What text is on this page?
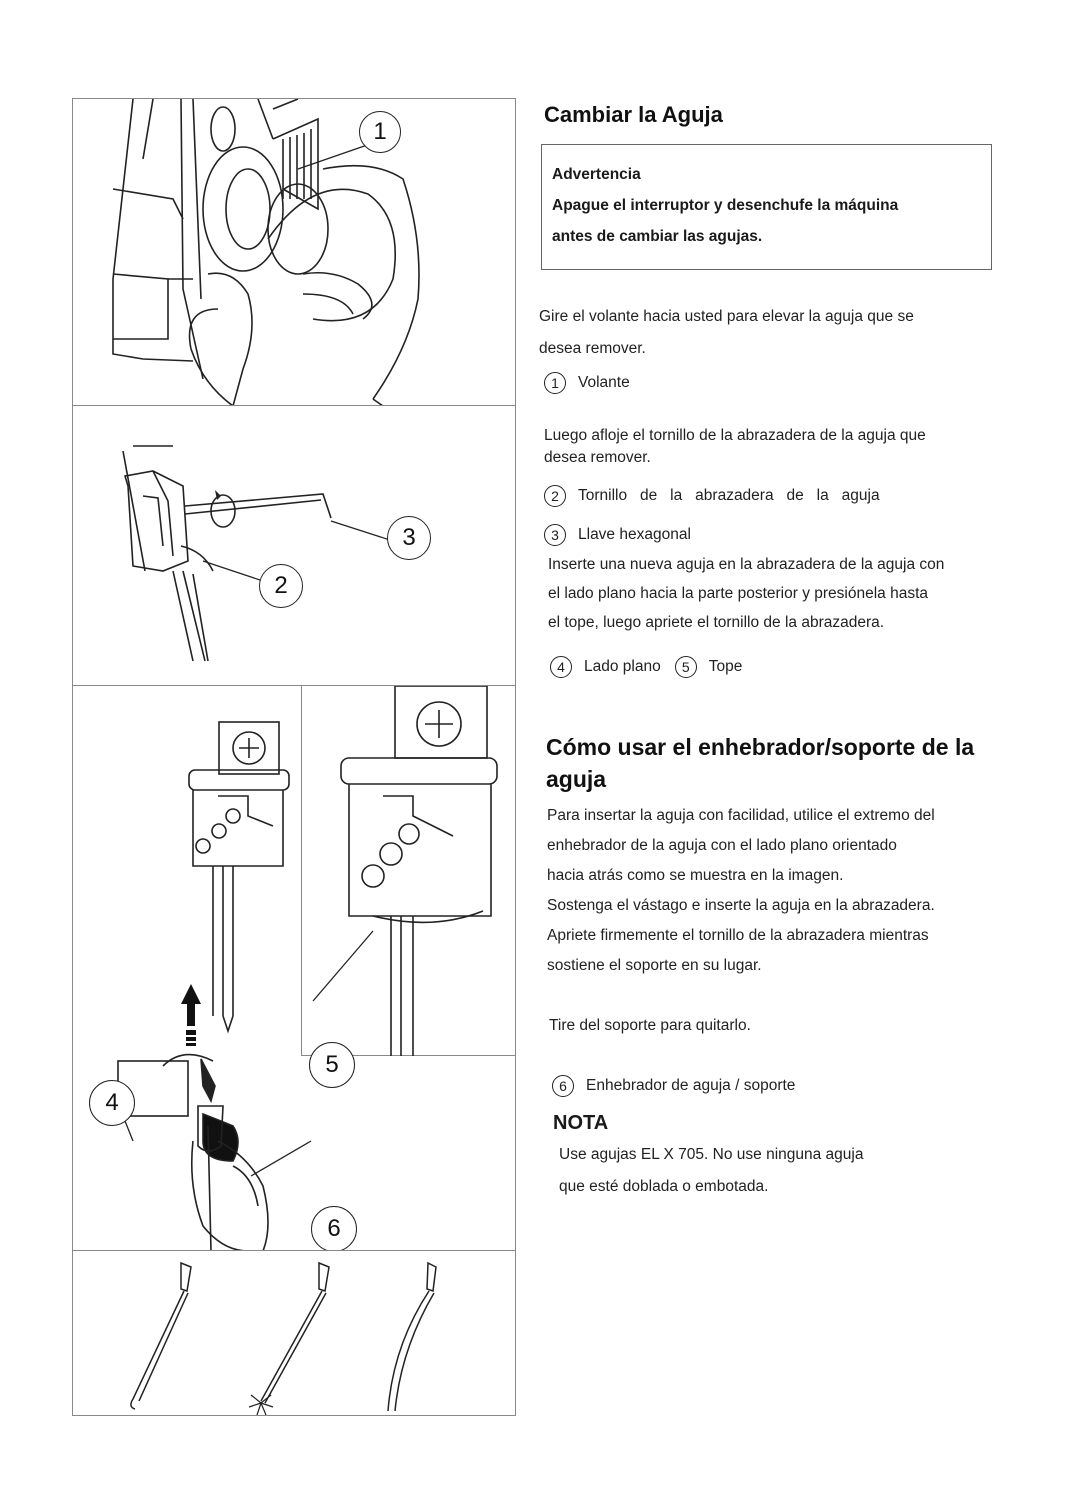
1
2
3
4
5
6
Cambiar la Aguja
Advertencia
Apague el interruptor y desenchufe la máquina
antes de cambiar las agujas.
Gire el volante hacia usted para elevar la aguja que se
desea remover.
1 Volante
Luego afloje el tornillo de la abrazadera de la aguja que
desea remover.
2 Tornillo   de   la   abrazadera   de   la   aguja
3 Llave hexagonal
Inserte una nueva aguja en la abrazadera de la aguja con
el lado plano hacia la parte posterior y presiónela hasta
el tope, luego apriete el tornillo de la abrazadera.
4 Lado plano 5 Tope
Cómo usar el enhebrador/soporte de la
aguja
Para insertar la aguja con facilidad, utilice el extremo del
enhebrador de la aguja con el lado plano orientado
hacia atrás como se muestra en la imagen.
Sostenga el vástago e inserte la aguja en la abrazadera.
Apriete firmemente el tornillo de la abrazadera mientras
sostiene el soporte en su lugar.
Tire del soporte para quitarlo.
6 Enhebrador de aguja / soporte
NOTA
Use agujas EL X 705. No use ninguna aguja
que esté doblada o embotada.
